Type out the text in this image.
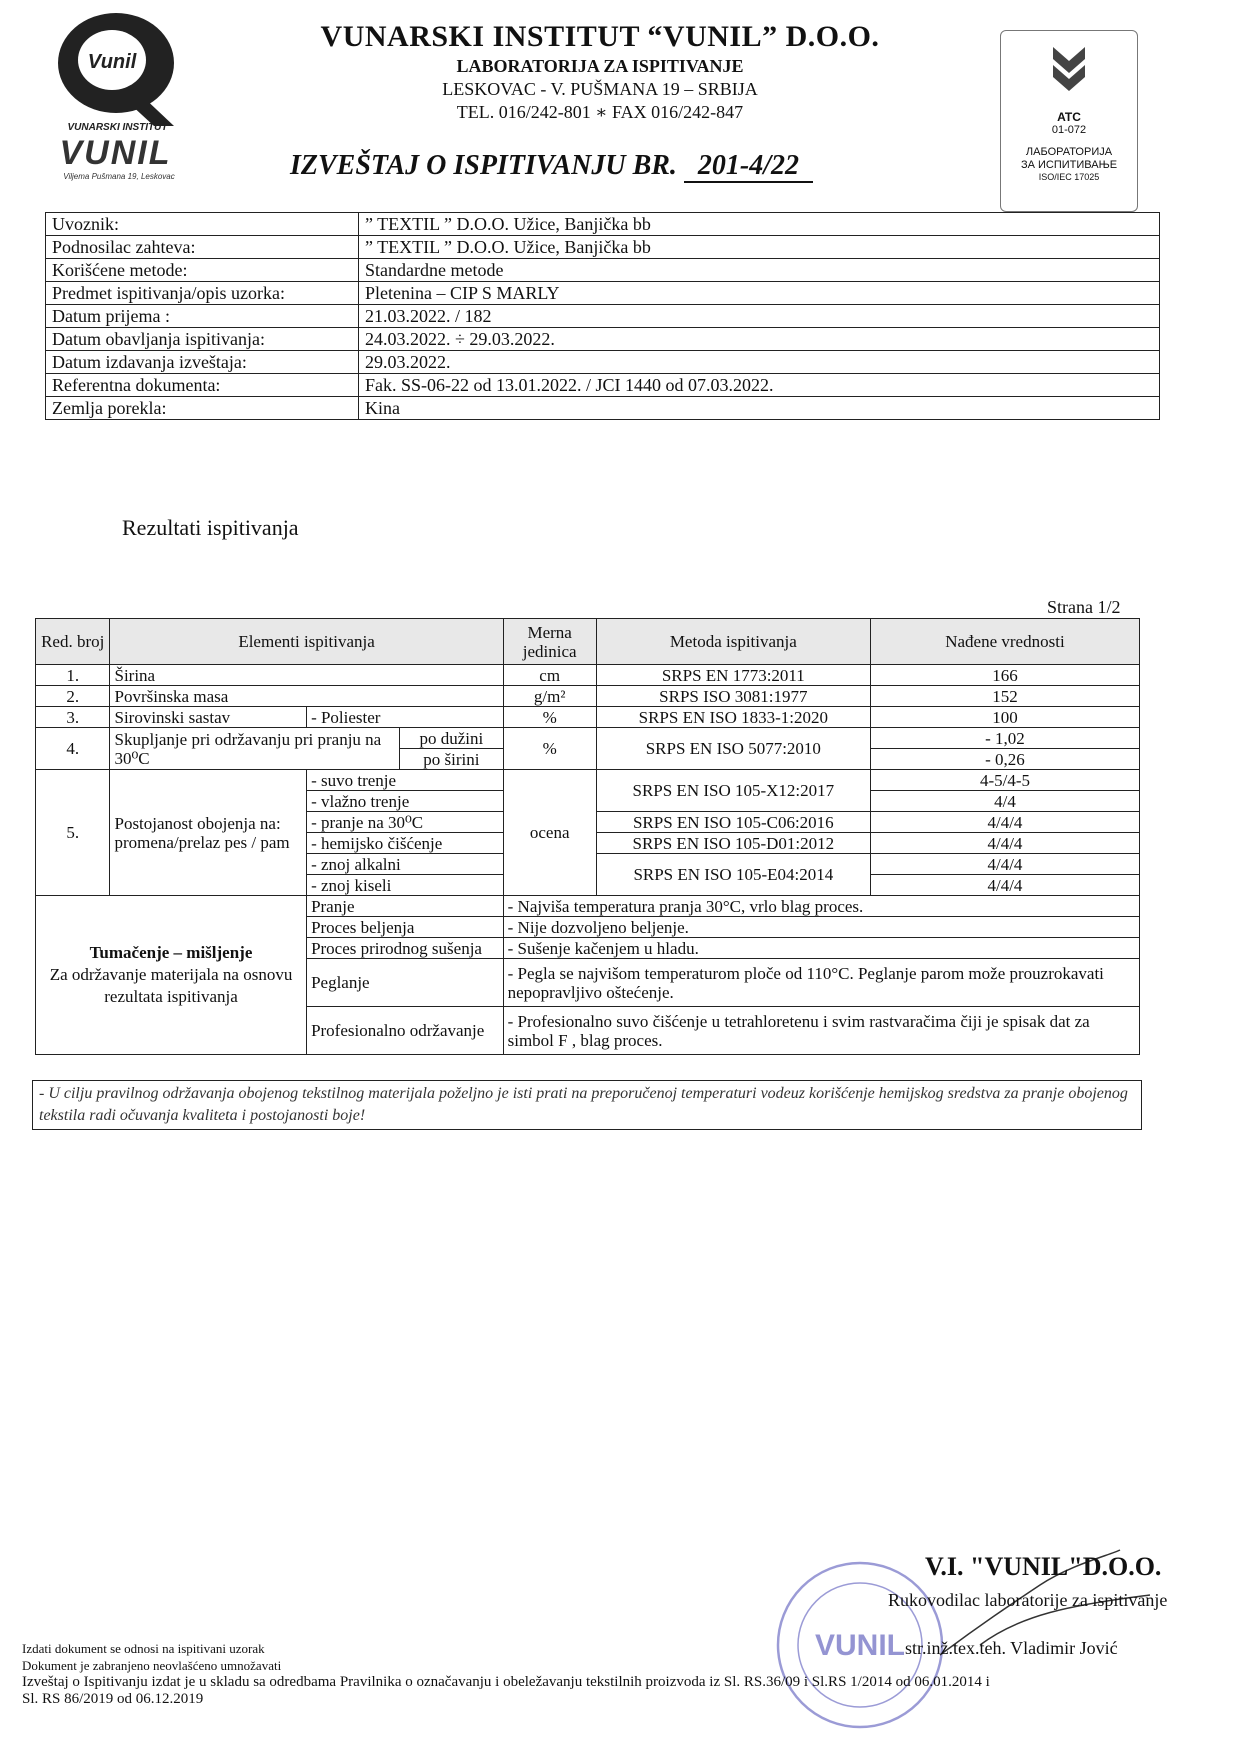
Vunil
VUNARSKI INSTITUT
VUNIL
Viljema Pušmana 19, Leskovac
VUNARSKI INSTITUT “VUNIL” D.O.O.
LABORATORIJA ZA ISPITIVANJE
LESKOVAC - V. PUŠMANA 19 – SRBIJA
TEL. 016/242-801 ∗ FAX 016/242-847
IZVEŠTAJ O ISPITIVANJU BR. 201-4/22
ATC
01-072
ЛАБОРАТОРИЈА
ЗА ИСПИТИВАЊЕ
ISO/IEC 17025
Uvoznik:	” TEXTIL ” D.O.O. Užice, Banjička bb
Podnosilac zahteva:	” TEXTIL ” D.O.O. Užice, Banjička bb
Korišćene metode:	Standardne metode
Predmet ispitivanja/opis uzorka:	Pletenina – CIP S MARLY
Datum prijema :	21.03.2022. / 182
Datum obavljanja ispitivanja:	24.03.2022. ÷ 29.03.2022.
Datum izdavanja izveštaja:	29.03.2022.
Referentna dokumenta:	Fak. SS-06-22 od 13.01.2022. / JCI 1440 od 07.03.2022.
Zemlja porekla:	Kina
Rezultati ispitivanja
Strana 1/2
Red. broj	Elementi ispitivanja			Merna jedinica	Metoda ispitivanja	Nađene vrednosti
1.	Širina			cm	SRPS EN 1773:2011	166
2.	Površinska masa			g/m²	SRPS ISO 3081:1977	152
3.	Sirovinski sastav	- Poliester		%	SRPS EN ISO 1833-1:2020	100
4.	Skupljanje pri održavanju pri pranju na 30⁰C		po dužini	%	SRPS EN ISO 5077:2010	- 1,02
			po širini			- 0,26
5.	Postojanost obojenja na: promena/prelaz pes / pam	- suvo trenje		ocena	SRPS EN ISO 105-X12:2017	4-5/4-5
		- vlažno trenje				4/4
		- pranje na 30⁰C			SRPS EN ISO 105-C06:2016	4/4/4
		- hemijsko čišćenje			SRPS EN ISO 105-D01:2012	4/4/4
		- znoj alkalni			SRPS EN ISO 105-E04:2014	4/4/4
		- znoj kiseli				4/4/4

Tumačenje – mišljenje
Za održavanje materijala na osnovu rezultata ispitivanja		Pranje		- Najviša temperatura pranja 30°C, vrlo blag proces.		
		Proces beljenja		- Nije dozvoljeno beljenje.		
		Proces prirodnog sušenja		- Sušenje kačenjem u hladu.		
		Peglanje		- Pegla se najvišom temperaturom ploče od 110°C. Peglanje parom može prouzrokavati nepopravljivo oštećenje.		
		Profesionalno održavanje		- Profesionalno suvo čišćenje u tetrahloretenu i svim rastvaračima čiji je spisak dat za simbol F , blag proces.		
- U cilju pravilnog održavanja obojenog tekstilnog materijala poželjno je isti prati na preporučenoj temperaturi vodeuz korišćenje hemijskog sredstva za pranje obojenog tekstila radi očuvanja kvaliteta i postojanosti boje!
VUNIL
V.I. "VUNIL"D.O.O.
Rukovodilac laboratorije za ispitivanje
str.inž.tex.teh. Vladimir Jović
Izdati dokument se odnosi na ispitivani uzorak
Dokument je zabranjeno neovlašćeno umnožavati
Izveštaj o Ispitivanju izdat je u skladu sa odredbama Pravilnika o označavanju i obeležavanju tekstilnih proizvoda iz Sl. RS.36/09 i Sl.RS 1/2014 od 06.01.2014 i
Sl. RS 86/2019 od 06.12.2019
